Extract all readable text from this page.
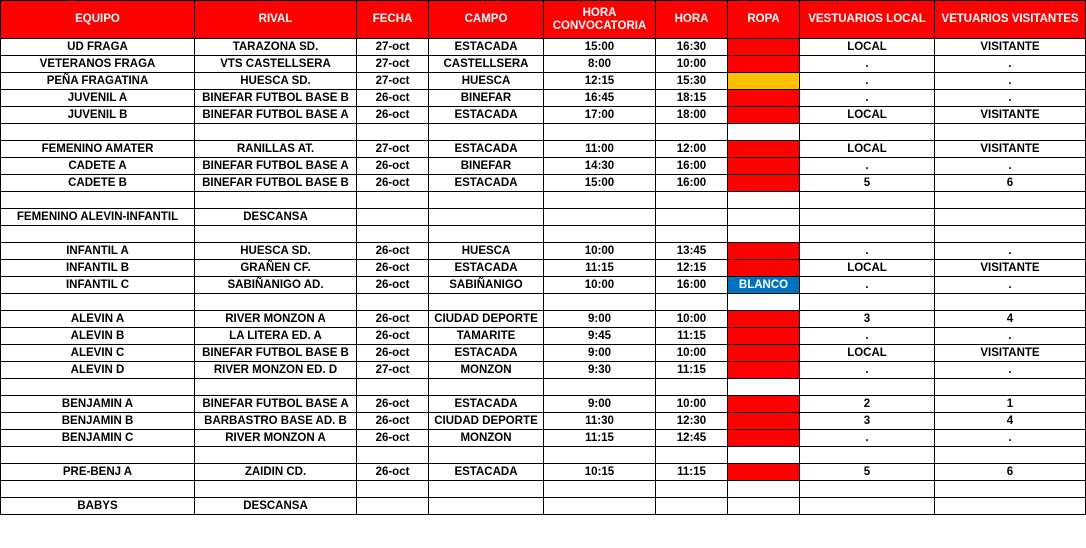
EQUIPO	RIVAL	FECHA	CAMPO	HORA CONVOCATORIA	HORA	ROPA	VESTUARIOS LOCAL	VETUARIOS VISITANTES
UD FRAGA	TARAZONA SD.	27-oct	ESTACADA	15:00	16:30		LOCAL	VISITANTE
VETERANOS FRAGA	VTS CASTELLSERA	27-oct	CASTELLSERA	8:00	10:00		.	.
PEÑA FRAGATINA	HUESCA SD.	27-oct	HUESCA	12:15	15:30		.	.
JUVENIL A	BINEFAR FUTBOL BASE B	26-oct	BINEFAR	16:45	18:15		.	.
JUVENIL B	BINEFAR FUTBOL BASE A	26-oct	ESTACADA	17:00	18:00		LOCAL	VISITANTE

FEMENINO AMATER	RANILLAS AT.	27-oct	ESTACADA	11:00	12:00		LOCAL	VISITANTE
CADETE A	BINEFAR FUTBOL BASE A	26-oct	BINEFAR	14:30	16:00		.	.
CADETE B	BINEFAR FUTBOL BASE B	26-oct	ESTACADA	15:00	16:00		5	6

FEMENINO ALEVIN-INFANTIL	DESCANSA							

INFANTIL A	HUESCA SD.	26-oct	HUESCA	10:00	13:45		.	.
INFANTIL B	GRAÑEN CF.	26-oct	ESTACADA	11:15	12:15		LOCAL	VISITANTE
INFANTIL C	SABIÑANIGO AD.	26-oct	SABIÑANIGO	10:00	16:00	BLANCO	.	.

ALEVIN A	RIVER MONZON A	26-oct	CIUDAD DEPORTE	9:00	10:00		3	4
ALEVIN B	LA LITERA ED. A	26-oct	TAMARITE	9:45	11:15		.	.
ALEVIN C	BINEFAR FUTBOL BASE B	26-oct	ESTACADA	9:00	10:00		LOCAL	VISITANTE
ALEVIN D	RIVER MONZON ED. D	27-oct	MONZON	9:30	11:15		.	.

BENJAMIN A	BINEFAR FUTBOL BASE A	26-oct	ESTACADA	9:00	10:00		2	1
BENJAMIN B	BARBASTRO BASE AD. B	26-oct	CIUDAD DEPORTE	11:30	12:30		3	4
BENJAMIN C	RIVER MONZON A	26-oct	MONZON	11:15	12:45		.	.

PRE-BENJ A	ZAIDIN CD.	26-oct	ESTACADA	10:15	11:15		5	6

BABYS	DESCANSA							
